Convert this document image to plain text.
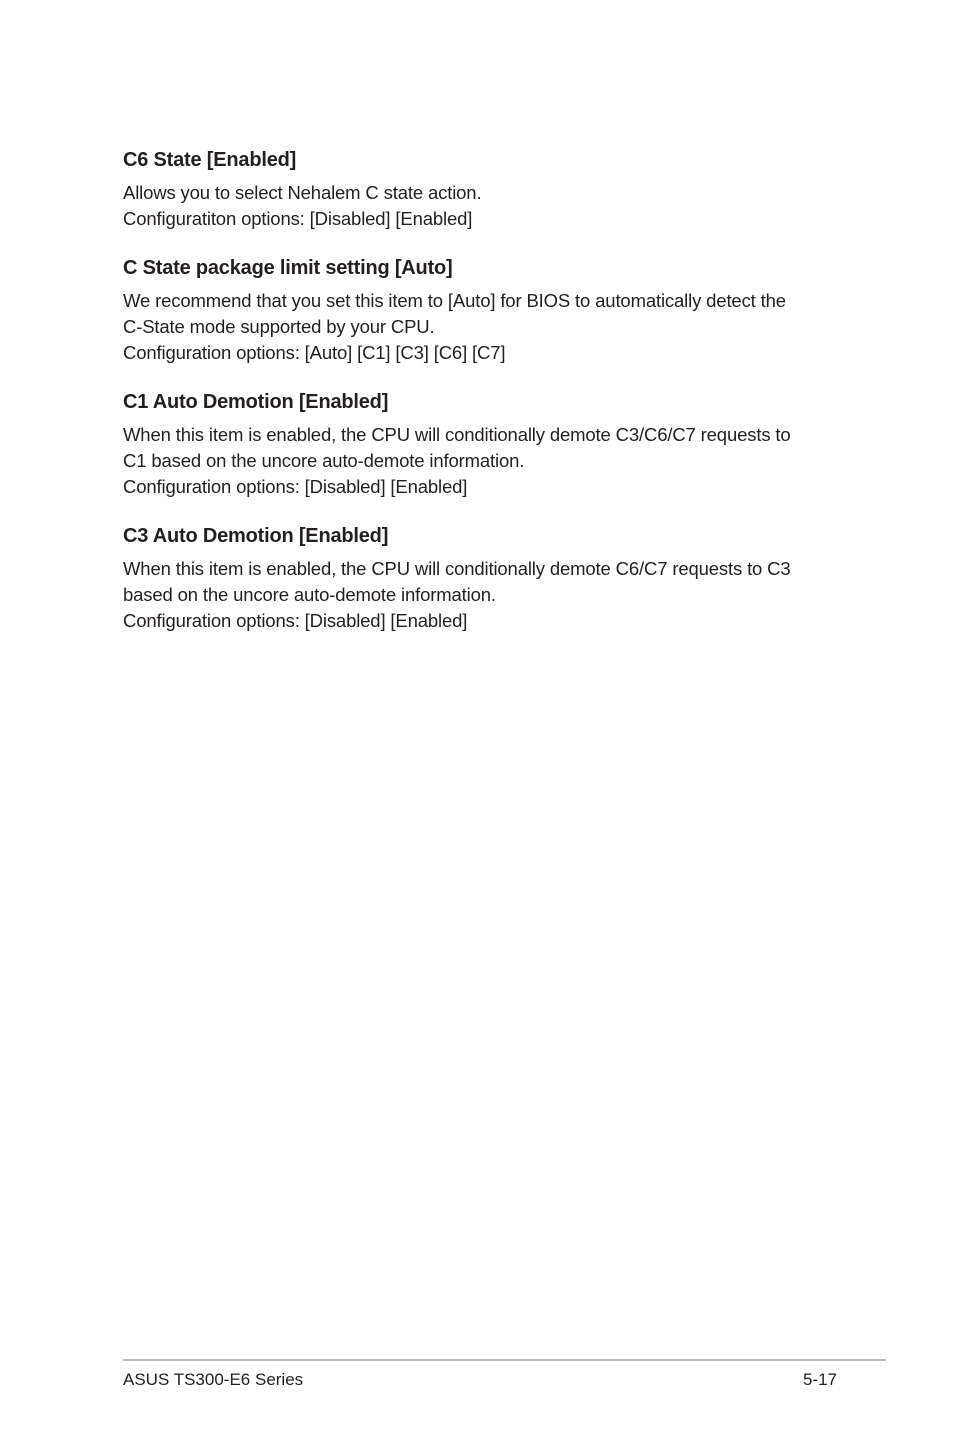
C6 State [Enabled]

Allows you to select Nehalem C state action.

Configuratiton options: [Disabled] [Enabled]

C State package limit setting [Auto]

We recommend that you set this item to [Auto] for BIOS to automatically detect the

C-State mode supported by your CPU.

Configuration options: [Auto] [C1] [C3] [C6] [C7]

C1 Auto Demotion [Enabled]

When this item is enabled, the CPU will conditionally demote C3/C6/C7 requests to

C1 based on the uncore auto-demote information.

Configuration options: [Disabled] [Enabled]

C3 Auto Demotion [Enabled]

When this item is enabled, the CPU will conditionally demote C6/C7 requests to C3

based on the uncore auto-demote information.

Configuration options: [Disabled] [Enabled]

ASUS TS300-E6 Series	5-17
